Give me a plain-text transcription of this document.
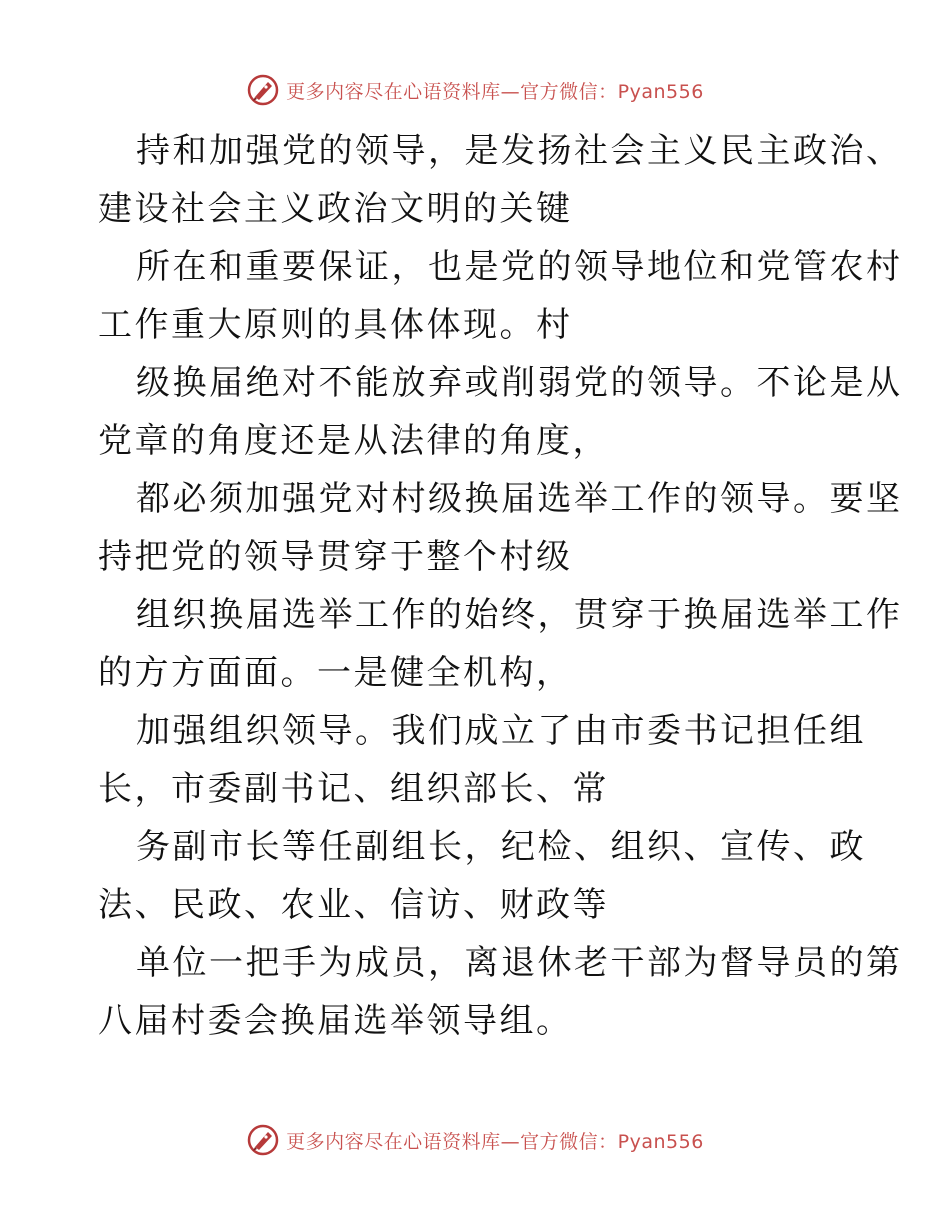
更多内容尽在心语资料库—官方微信：Pyan556

持和加强党的领导，是发扬社会主义民主政治、
建设社会主义政治文明的关键
所在和重要保证，也是党的领导地位和党管农村
工作重大原则的具体体现。村
级换届绝对不能放弃或削弱党的领导。不论是从
党章的角度还是从法律的角度，
都必须加强党对村级换届选举工作的领导。要坚
持把党的领导贯穿于整个村级
组织换届选举工作的始终，贯穿于换届选举工作
的方方面面。一是健全机构，
加强组织领导。我们成立了由市委书记担任组
长，市委副书记、组织部长、常
务副市长等任副组长，纪检、组织、宣传、政
法、民政、农业、信访、财政等
单位一把手为成员，离退休老干部为督导员的第
八届村委会换届选举领导组。

更多内容尽在心语资料库—官方微信：Pyan556
